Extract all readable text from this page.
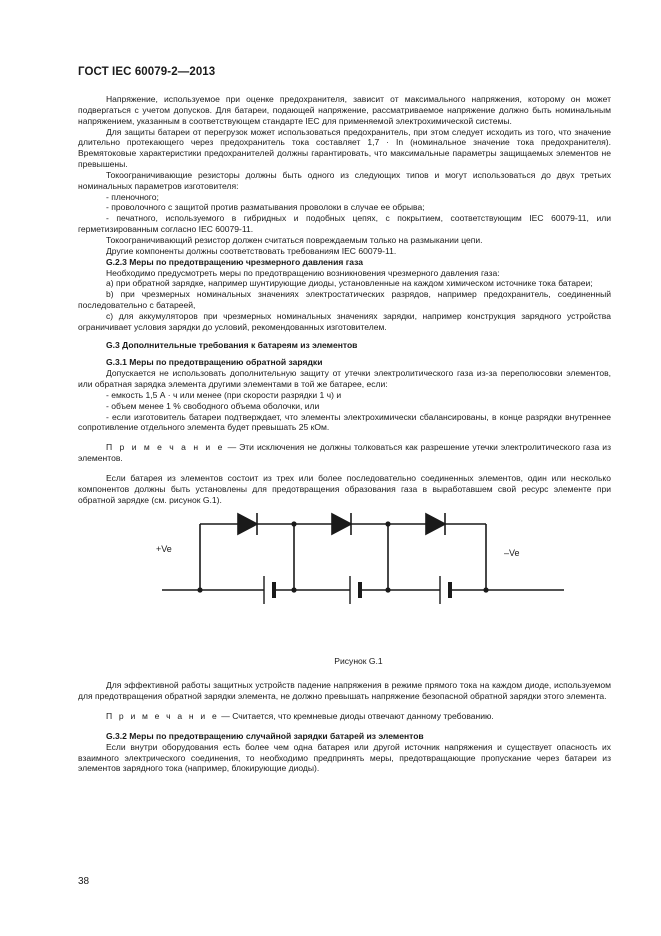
ГОСТ IEC 60079-2—2013

Напряжение, используемое при оценке предохранителя, зависит от максимального напряжения, которому он может подвергаться с учетом допусков. Для батареи, подающей напряжение, рассматриваемое напряжение должно быть номинальным напряжением, указанным в соответствующем стандарте IEC для применяемой электрохимической системы.

Для защиты батареи от перегрузок может использоваться предохранитель, при этом следует исходить из того, что значение длительно протекающего через предохранитель тока составляет 1,7 · In (номинальное значение тока предохранителя). Времятоковые характеристики предохранителей должны гарантировать, что максимальные параметры защищаемых элементов не превышены.

Токоограничивающие резисторы должны быть одного из следующих типов и могут использоваться до двух третьих номинальных параметров изготовителя:

- пленочного;

- проволочного с защитой против разматывания проволоки в случае ее обрыва;

- печатного, используемого в гибридных и подобных цепях, с покрытием, соответствующим IEC 60079-11, или герметизированным согласно IEC 60079-11.

Токоограничивающий резистор должен считаться повреждаемым только на размыкании цепи.

Другие компоненты должны соответствовать требованиям IEC 60079-11.

G.2.3 Меры по предотвращению чрезмерного давления газа

Необходимо предусмотреть меры по предотвращению возникновения чрезмерного давления газа:

а) при обратной зарядке, например шунтирующие диоды, установленные на каждом химическом источнике тока батареи;

b) при чрезмерных номинальных значениях электростатических разрядов, например предохранитель, соединенный последовательно с батареей,

с) для аккумуляторов при чрезмерных номинальных значениях зарядки, например конструкция зарядного устройства ограничивает условия зарядки до условий, рекомендованных изготовителем.

G.3 Дополнительные требования к батареям из элементов

G.3.1 Меры по предотвращению обратной зарядки

Допускается не использовать дополнительную защиту от утечки электролитического газа из-за переполюсовки элементов, или обратная зарядка элемента другими элементами в той же батарее, если:

- емкость 1,5 А · ч или менее (при скорости разрядки 1 ч) и

- объем менее 1 % свободного объема оболочки, или

- если изготовитель батареи подтверждает, что элементы электрохимически сбалансированы, в конце разрядки внутреннее сопротивление отдельного элемента будет превышать 25 кОм.

П р и м е ч а н и е — Эти исключения не должны толковаться как разрешение утечки электролитического газа из элементов.

Если батарея из элементов состоит из трех или более последовательно соединенных элементов, один или несколько компонентов должны быть установлены для предотвращения образования газа в выработавшем свой ресурс элементе при обратной зарядке (см. рисунок G.1).

+Ve	–Ve

Рисунок G.1

Для эффективной работы защитных устройств падение напряжения в режиме прямого тока на каждом диоде, используемом для предотвращения обратной зарядки элемента, не должно превышать напряжение безопасной обратной зарядки этого элемента.

П р и м е ч а н и е — Считается, что кремневые диоды отвечают данному требованию.

G.3.2 Меры по предотвращению случайной зарядки батарей из элементов

Если внутри оборудования есть более чем одна батарея или другой источник напряжения и существует опасность их взаимного электрического соединения, то необходимо предпринять меры, предотвращающие пропускание через батареи из элементов зарядного тока (например, блокирующие диоды).

38
